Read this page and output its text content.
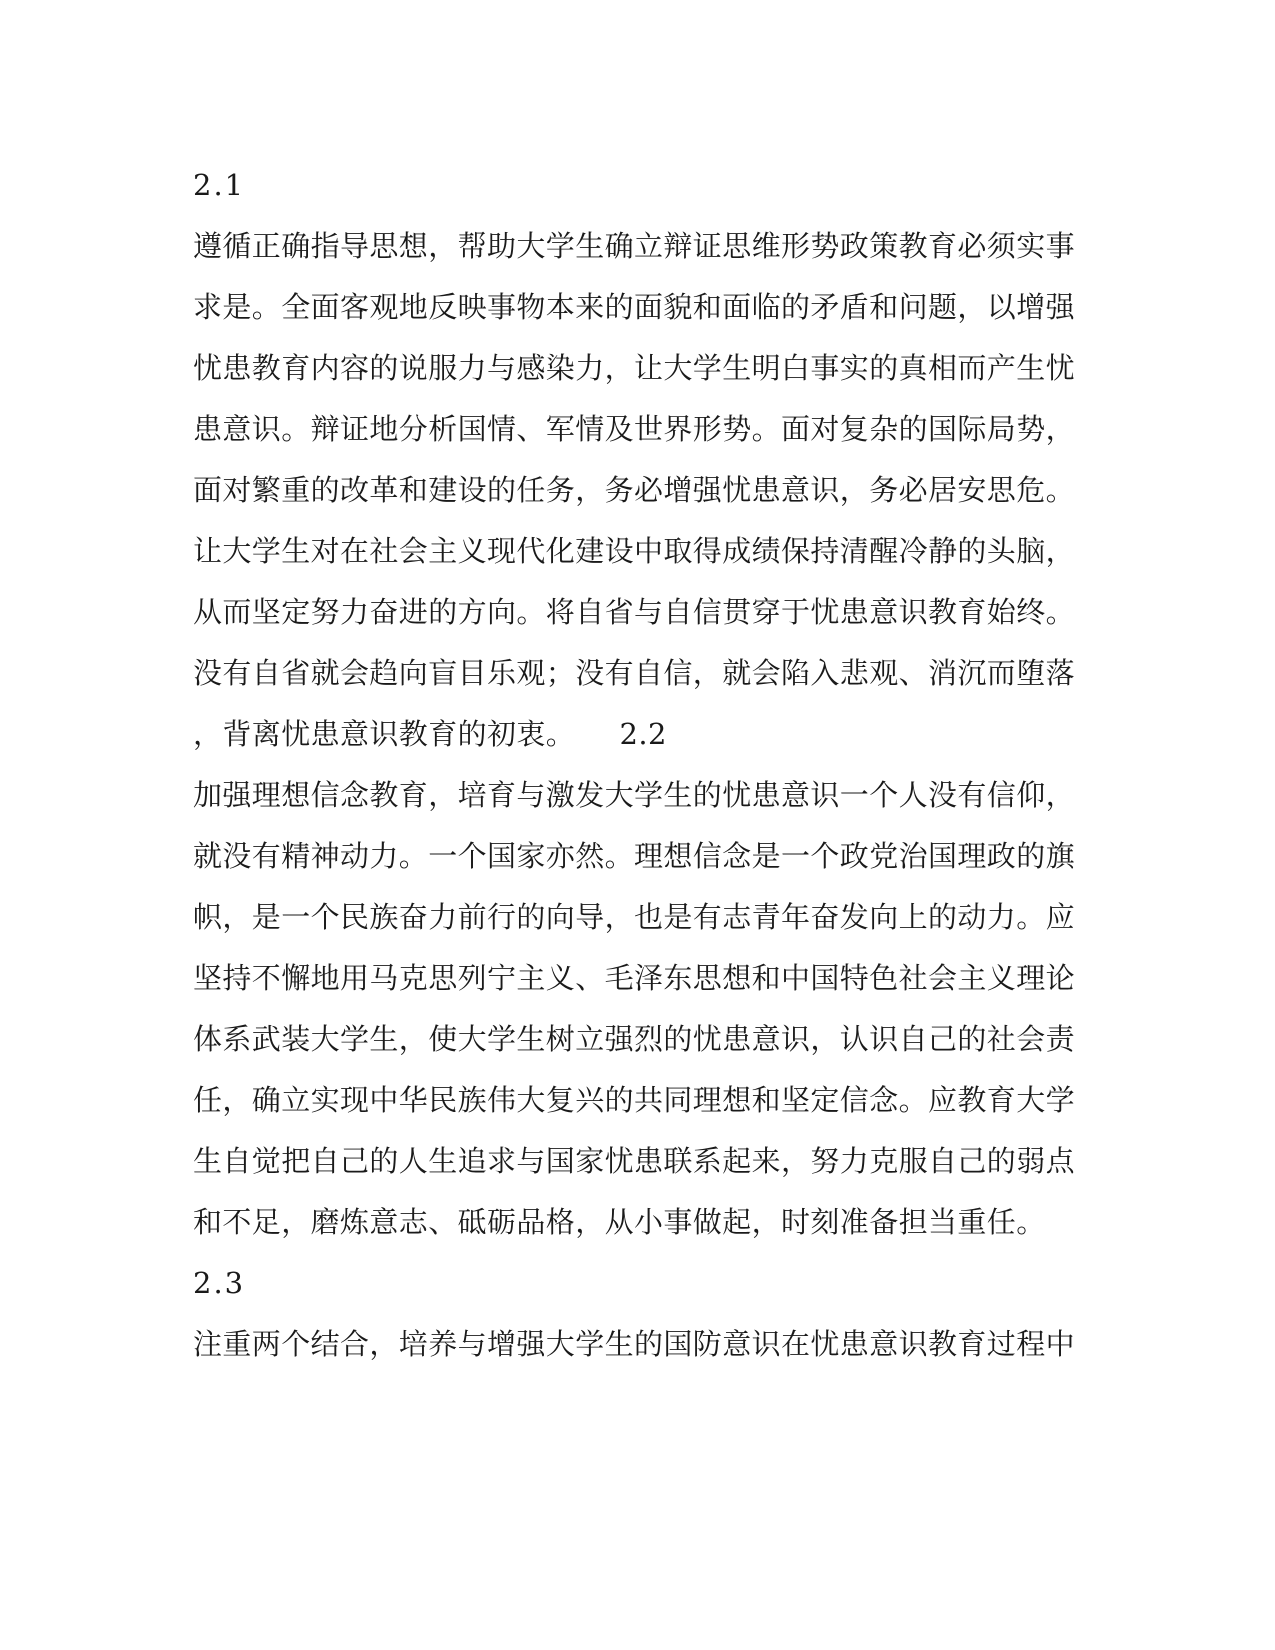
2.1
遵循正确指导思想，帮助大学生确立辩证思维形势政策教育必须实事
求是。全面客观地反映事物本来的面貌和面临的矛盾和问题，以增强
忧患教育内容的说服力与感染力，让大学生明白事实的真相而产生忧
患意识。辩证地分析国情、军情及世界形势。面对复杂的国际局势，
面对繁重的改革和建设的任务，务必增强忧患意识，务必居安思危。
让大学生对在社会主义现代化建设中取得成绩保持清醒冷静的头脑，
从而坚定努力奋进的方向。将自省与自信贯穿于忧患意识教育始终。
没有自省就会趋向盲目乐观；没有自信，就会陷入悲观、消沉而堕落
，背离忧患意识教育的初衷。　　2.2
加强理想信念教育，培育与激发大学生的忧患意识一个人没有信仰，
就没有精神动力。一个国家亦然。理想信念是一个政党治国理政的旗
帜，是一个民族奋力前行的向导，也是有志青年奋发向上的动力。应
坚持不懈地用马克思列宁主义、毛泽东思想和中国特色社会主义理论
体系武装大学生，使大学生树立强烈的忧患意识，认识自己的社会责
任，确立实现中华民族伟大复兴的共同理想和坚定信念。应教育大学
生自觉把自己的人生追求与国家忧患联系起来，努力克服自己的弱点
和不足，磨炼意志、砥砺品格，从小事做起，时刻准备担当重任。
2.3
注重两个结合，培养与增强大学生的国防意识在忧患意识教育过程中
